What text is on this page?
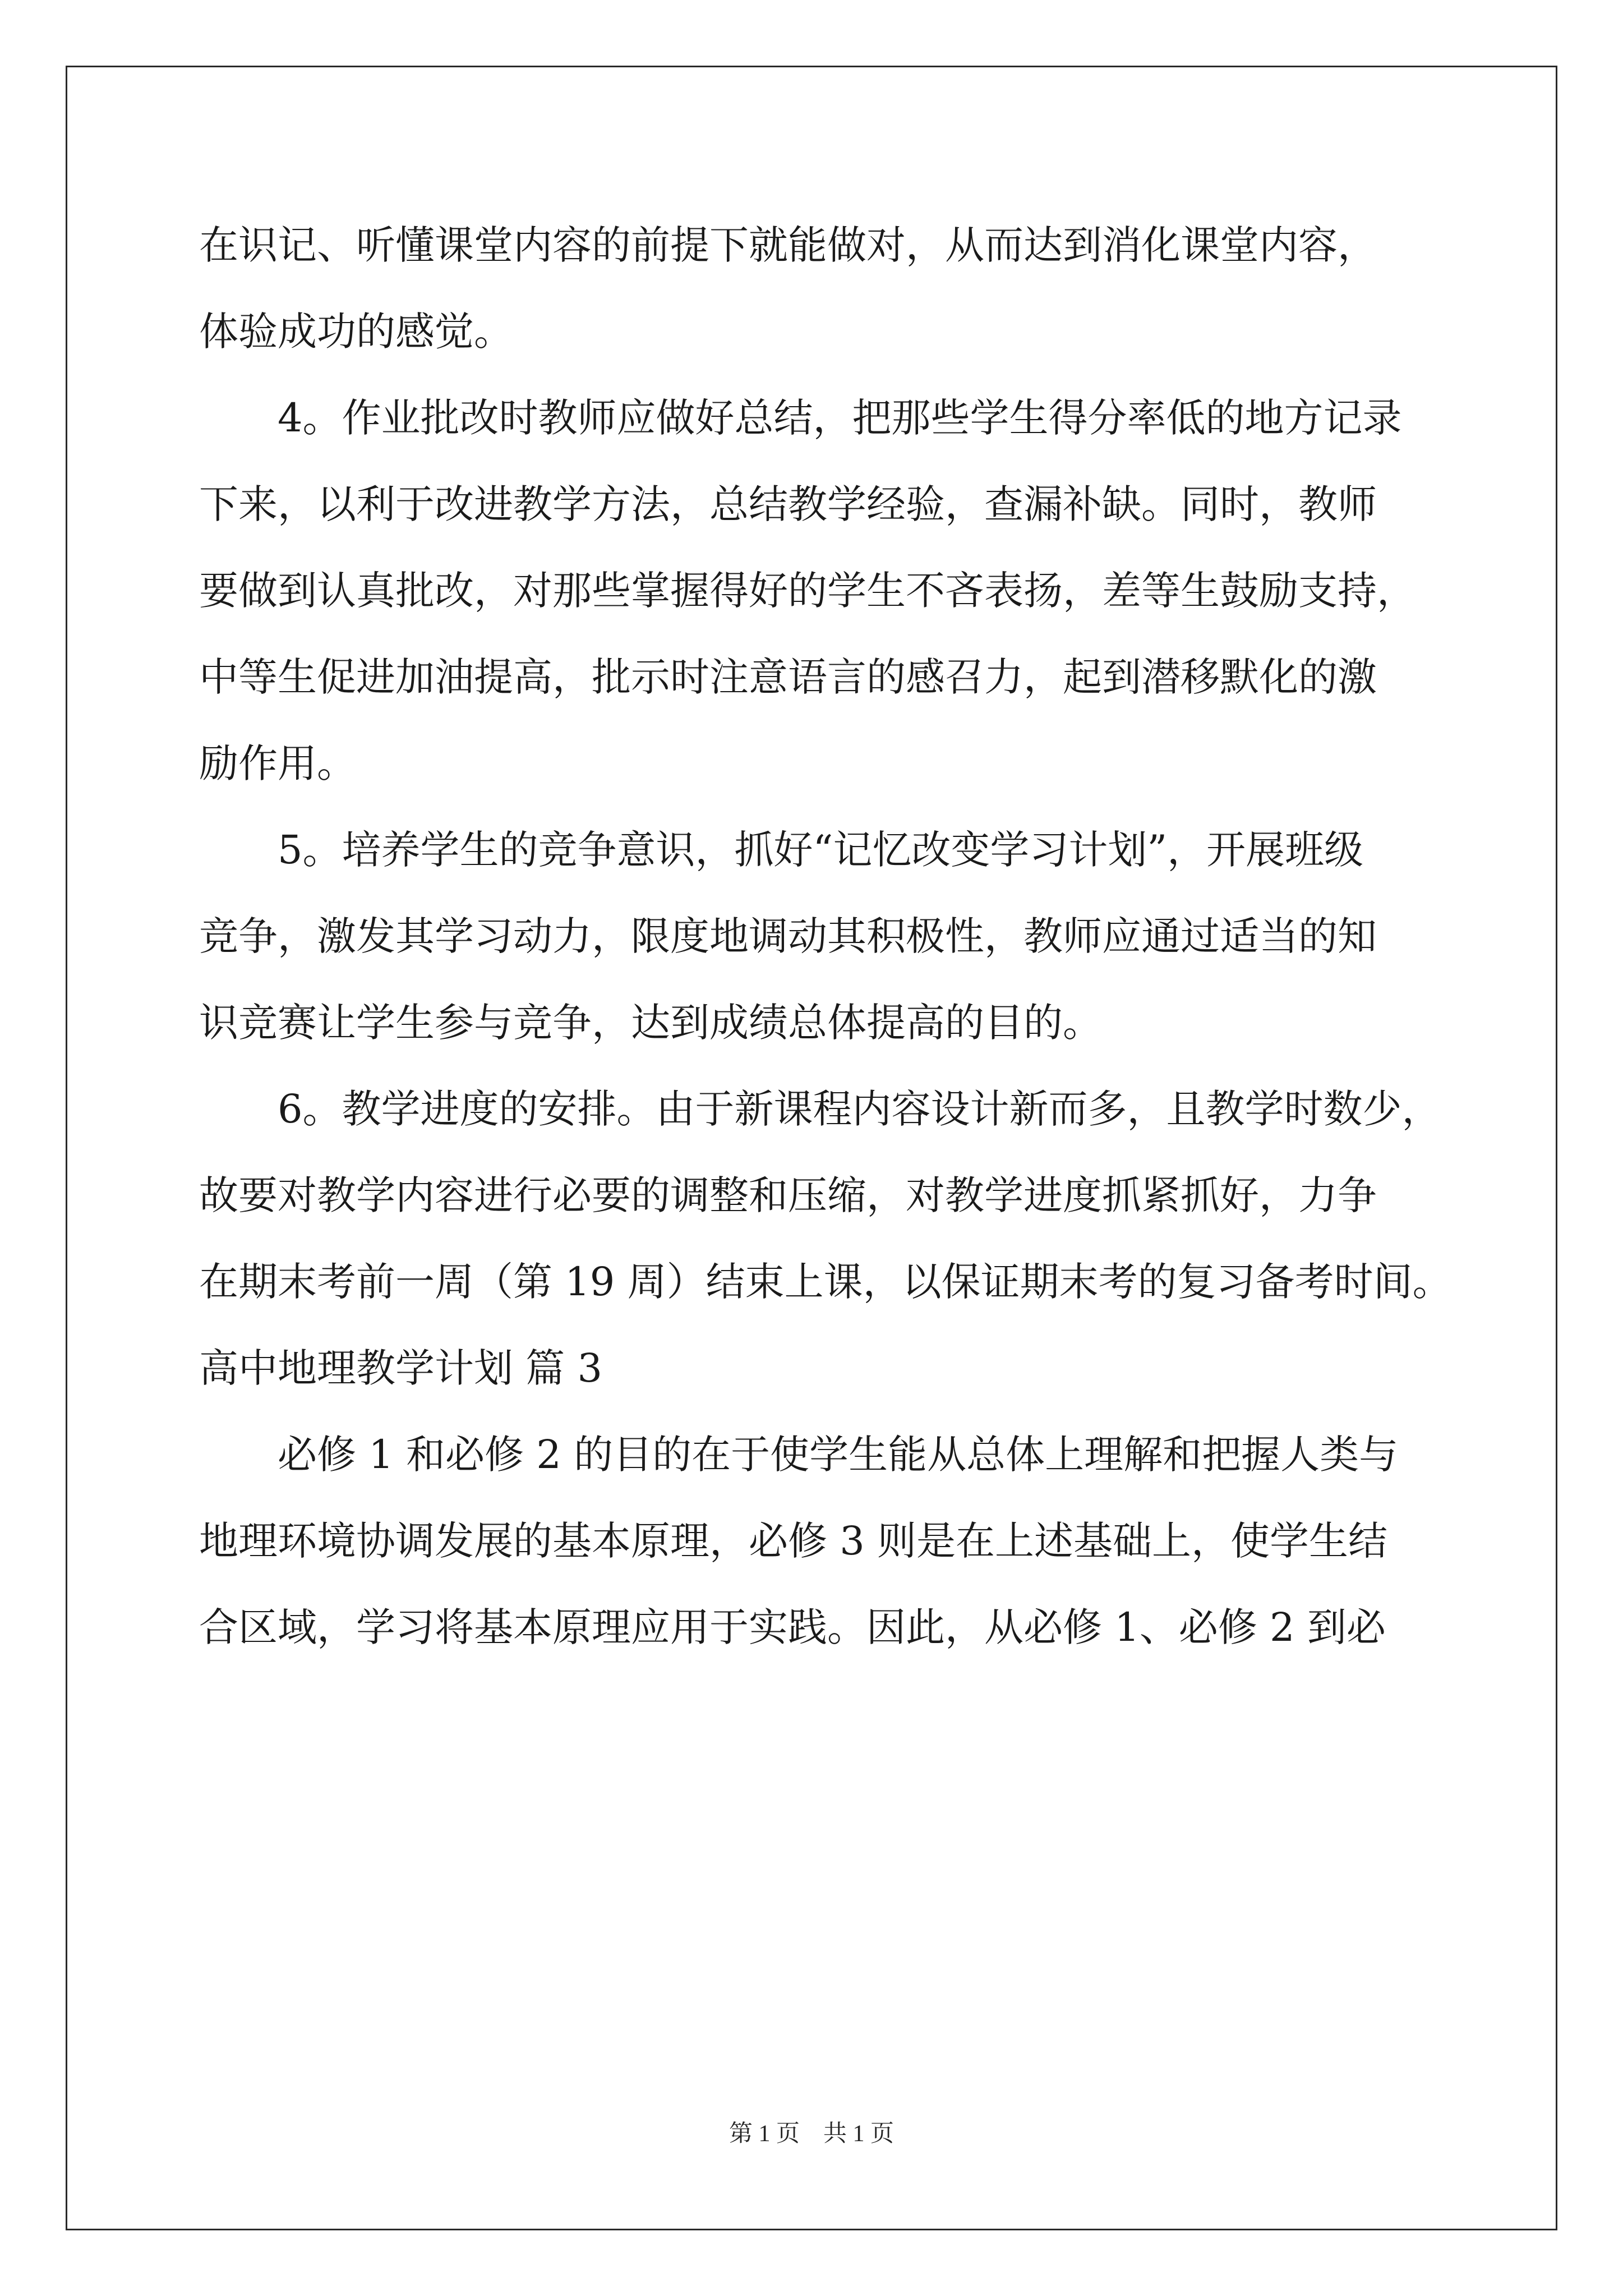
在识记、听懂课堂内容的前提下就能做对，从而达到消化课堂内容，
体验成功的感觉。
4。作业批改时教师应做好总结，把那些学生得分率低的地方记录
下来，以利于改进教学方法，总结教学经验，查漏补缺。同时，教师
要做到认真批改，对那些掌握得好的学生不吝表扬，差等生鼓励支持，
中等生促进加油提高，批示时注意语言的感召力，起到潜移默化的激
励作用。
5。培养学生的竞争意识，抓好“记忆改变学习计划”，开展班级
竞争，激发其学习动力，限度地调动其积极性，教师应通过适当的知
识竞赛让学生参与竞争，达到成绩总体提高的目的。
6。教学进度的安排。由于新课程内容设计新而多，且教学时数少，
故要对教学内容进行必要的调整和压缩，对教学进度抓紧抓好，力争
在期末考前一周（第 19 周）结束上课，以保证期末考的复习备考时间。
高中地理教学计划 篇 3
必修 1 和必修 2 的目的在于使学生能从总体上理解和把握人类与
地理环境协调发展的基本原理，必修 3 则是在上述基础上，使学生结
合区域，学习将基本原理应用于实践。因此，从必修 1、必修 2 到必
第 1 页　共 1 页
